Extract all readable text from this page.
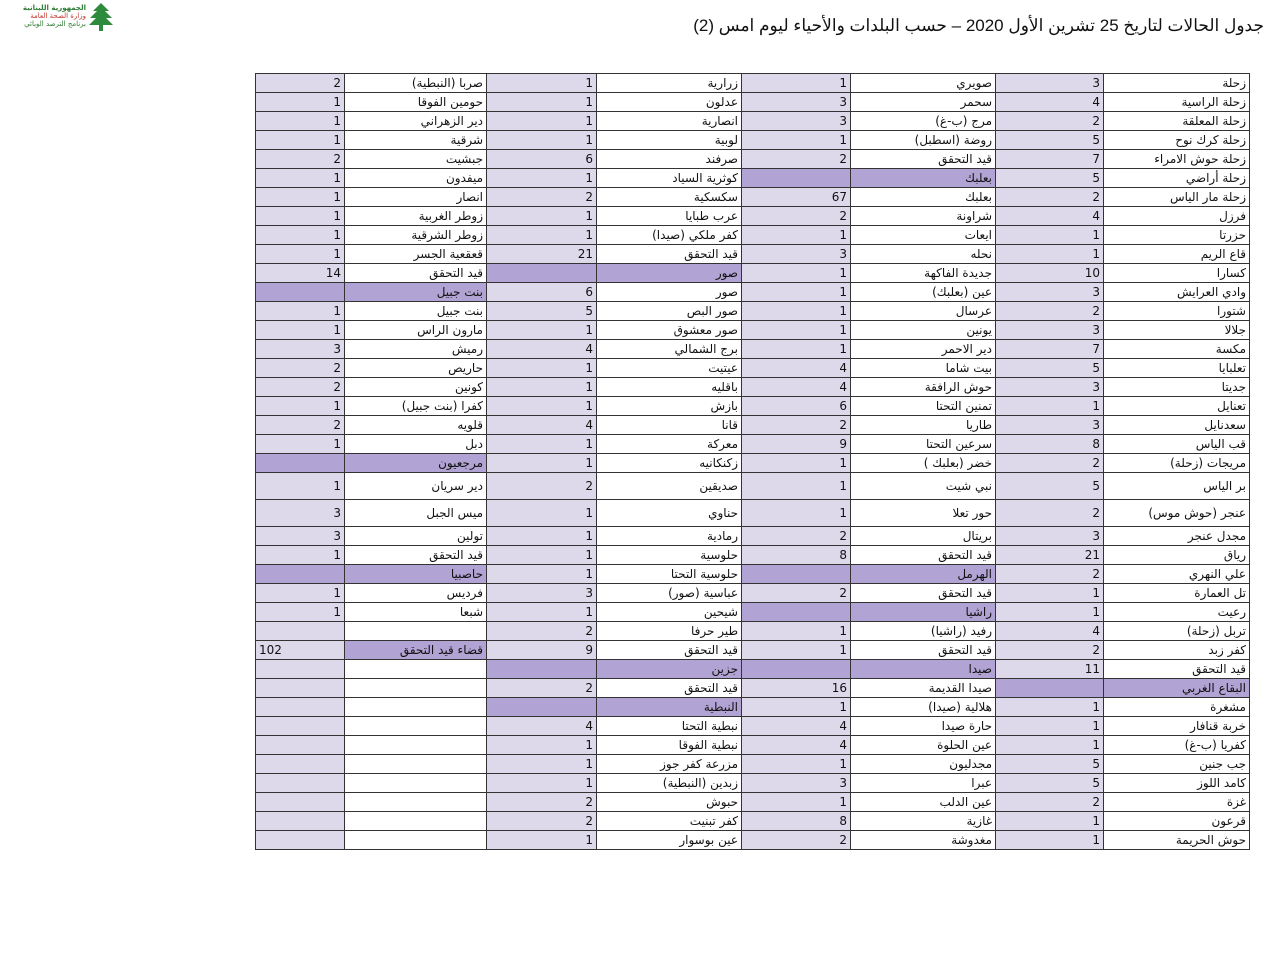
الجمهورية اللبنانية
وزارة الصحة العامة
برنامج الترصد الوبائي	جدول الحالات لتاريخ 25 تشرين الأول 2020 – حسب البلدات والأحياء ليوم امس (2)
2	صربا (النبطية)	1	زرارية	1	صويري	3	زحلة
1	حومين الفوقا	1	عدلون	3	سحمر	4	زحلة الراسية
1	دير الزهراني	1	انصارية	3	مرج (ب-غ)	2	زحلة المعلقة
1	شرقية	1	لوبية	1	روضة (اسطبل)	5	زحلة كرك نوح
2	جبشيت	6	صرفند	2	قيد التحقق	7	زحلة حوش الامراء
1	ميفدون	1	كوثرية السياد		بعلبك	5	زحلة أراضي
1	انصار	2	سكسكية	67	بعلبك	2	زحلة مار الياس
1	زوطر الغربية	1	عرب طبايا	2	شراونة	4	فرزل
1	زوطر الشرقية	1	كفر ملكي (صيدا)	1	ايعات	1	حزرتا
1	قعقعية الجسر	21	قيد التحقق	3	نحله	1	قاع الريم
14	قيد التحقق		صور	1	جديدة الفاكهة	10	كسارا
	بنت جبيل	6	صور	1	عين (بعلبك)	3	وادي العرايش
1	بنت جبيل	5	صور البص	1	عرسال	2	شتورا
1	مارون الراس	1	صور معشوق	1	يونين	3	جلالا
3	رميش	4	برج الشمالي	1	دير الاحمر	7	مكسة
2	حاريص	1	عيتيت	4	بيت شاما	5	تعلبايا
2	كونين	1	باقليه	4	حوش الرافقة	3	جديتا
1	كفرا (بنت جبيل)	1	بازش	6	تمنين التحتا	1	تعنايل
2	قلويه	4	قانا	2	طاريا	3	سعدنايل
1	دبل	1	معركة	9	سرعين التحتا	8	قب الياس
	مرجعيون	1	زكنكانيه	1	خضر (بعلبك )	2	مريجات (زحلة)
1	دير سريان	2	صديقين	1	نبي شيت	5	بر الياس
3	ميس الجبل	1	حناوي	1	حور تعلا	2	عنجر (حوش موس)
3	تولين	1	رمادية	2	بريتال	3	مجدل عنجر
1	قيد التحقق	1	حلوسية	8	قيد التحقق	21	رياق
	حاصبيا	1	حلوسية التحتا		الهرمل	2	علي النهري
1	فرديس	3	عباسية (صور)	2	قيد التحقق	1	تل العمارة
1	شبعا	1	شيحين		راشيا	1	رعيت
		2	طير حرفا	1	رفيد (راشيا)	4	تربل (زحلة)
102	قضاء قيد التحقق	9	قيد التحقق	1	قيد التحقق	2	كفر زبد
			جزين		صيدا	11	قيد التحقق
		2	قيد التحقق	16	صيدا القديمة		البقاع الغربي
			النبطية	1	هلالية (صيدا)	1	مشغرة
		4	نبطية التحتا	4	حارة صيدا	1	خربة قنافار
		1	نبطية الفوقا	4	عين الحلوة	1	كفريا (ب-غ)
		1	مزرعة كفر جوز	1	مجدليون	5	جب جنين
		1	زبدين (النبطية)	3	عبرا	5	كامد اللوز
		2	حبوش	1	عين الدلب	2	غزة
		2	كفر تبنيت	8	غازية	1	قرعون
		1	عين بوسوار	2	مغدوشة	1	حوش الحريمة
